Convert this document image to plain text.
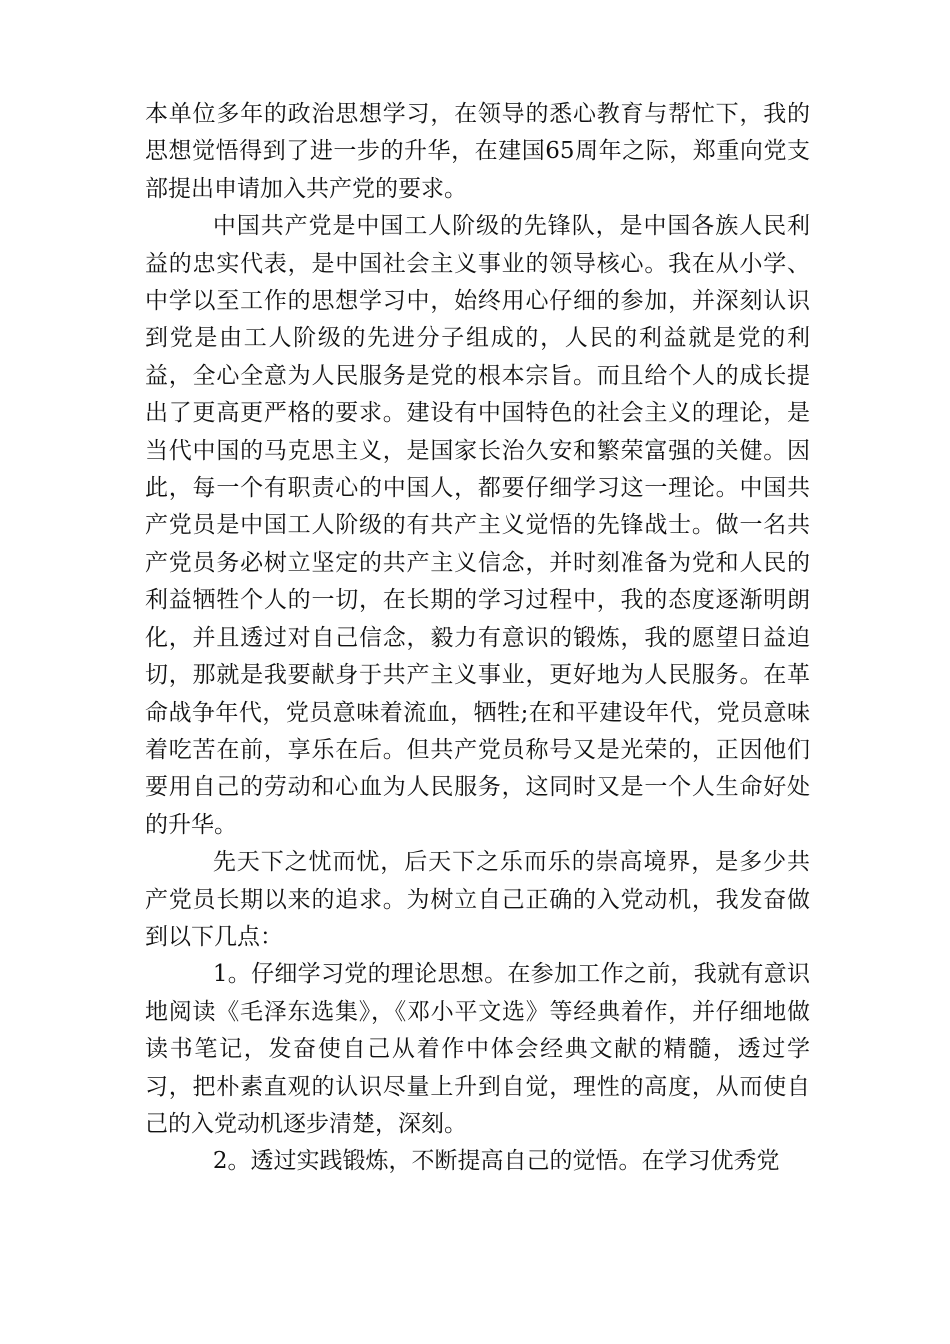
本单位多年的政治思想学习，在领导的悉心教育与帮忙下，我的思想觉悟得到了进一步的升华，在建国65周年之际，郑重向党支部提出申请加入共产党的要求。

中国共产党是中国工人阶级的先锋队，是中国各族人民利益的忠实代表，是中国社会主义事业的领导核心。我在从小学、中学以至工作的思想学习中，始终用心仔细的参加，并深刻认识到党是由工人阶级的先进分子组成的，人民的利益就是党的利益，全心全意为人民服务是党的根本宗旨。而且给个人的成长提出了更高更严格的要求。建设有中国特色的社会主义的理论，是当代中国的马克思主义，是国家长治久安和繁荣富强的关健。因此，每一个有职责心的中国人，都要仔细学习这一理论。中国共产党员是中国工人阶级的有共产主义觉悟的先锋战士。做一名共产党员务必树立坚定的共产主义信念，并时刻准备为党和人民的利益牺牲个人的一切，在长期的学习过程中，我的态度逐渐明朗化，并且透过对自己信念，毅力有意识的锻炼，我的愿望日益迫切，那就是我要献身于共产主义事业，更好地为人民服务。在革命战争年代，党员意味着流血，牺牲;在和平建设年代，党员意味着吃苦在前，享乐在后。但共产党员称号又是光荣的，正因他们要用自己的劳动和心血为人民服务，这同时又是一个人生命好处的升华。

先天下之忧而忧，后天下之乐而乐的崇高境界，是多少共产党员长期以来的追求。为树立自己正确的入党动机，我发奋做到以下几点：

1。仔细学习党的理论思想。在参加工作之前，我就有意识地阅读《毛泽东选集》，《邓小平文选》等经典着作，并仔细地做读书笔记，发奋使自己从着作中体会经典文献的精髓，透过学习，把朴素直观的认识尽量上升到自觉，理性的高度，从而使自己的入党动机逐步清楚，深刻。

2。透过实践锻炼，不断提高自己的觉悟。在学习优秀党
